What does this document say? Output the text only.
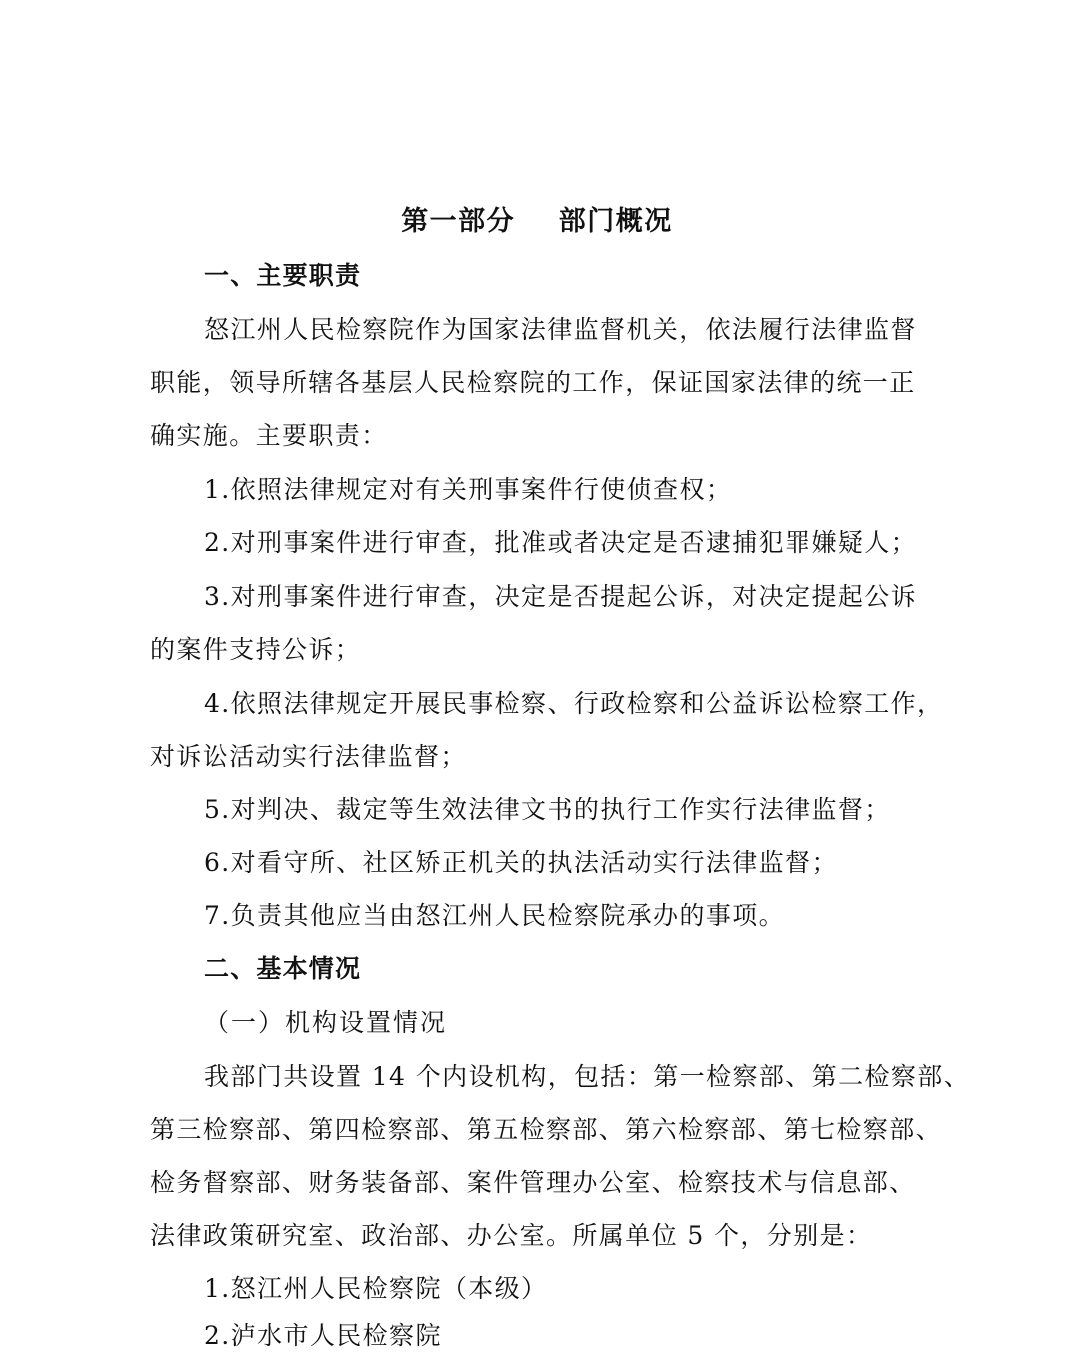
第一部分    部门概况
一、主要职责
怒江州人民检察院作为国家法律监督机关，依法履行法律监督
职能，领导所辖各基层人民检察院的工作，保证国家法律的统一正
确实施。主要职责：
1.依照法律规定对有关刑事案件行使侦查权；
2.对刑事案件进行审查，批准或者决定是否逮捕犯罪嫌疑人；
3.对刑事案件进行审查，决定是否提起公诉，对决定提起公诉
的案件支持公诉；
4.依照法律规定开展民事检察、行政检察和公益诉讼检察工作，
对诉讼活动实行法律监督；
5.对判决、裁定等生效法律文书的执行工作实行法律监督；
6.对看守所、社区矫正机关的执法活动实行法律监督；
7.负责其他应当由怒江州人民检察院承办的事项。
二、基本情况
（一）机构设置情况
我部门共设置 14 个内设机构，包括：第一检察部、第二检察部、
第三检察部、第四检察部、第五检察部、第六检察部、第七检察部、
检务督察部、财务装备部、案件管理办公室、检察技术与信息部、
法律政策研究室、政治部、办公室。所属单位 5 个，分别是：
1.怒江州人民检察院（本级）
2.泸水市人民检察院
